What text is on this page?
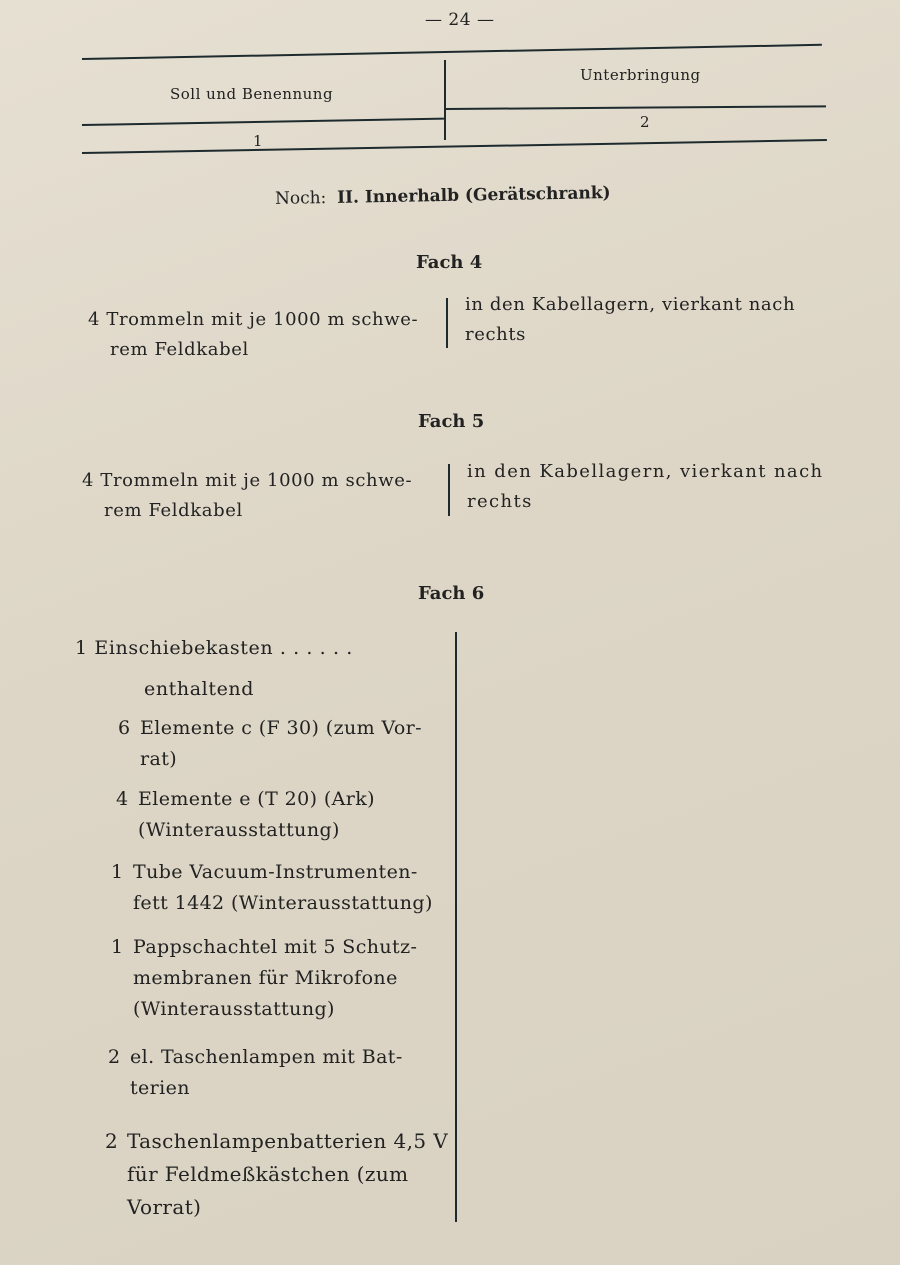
— 24 —
Soll und Benennung
Unterbringung
1
2
Noch: II. Innerhalb (Gerätschrank)
Fach 4
4 Trommeln mit je 1000 m schwe-
rem Feldkabel
in den Kabellagern, vierkant nach
rechts
Fach 5
4 Trommeln mit je 1000 m schwe-
rem Feldkabel
in den Kabellagern, vierkant nach
rechts
Fach 6
1 Einschiebekasten . . . . . .
enthaltend
6 Elemente c (F 30) (zum Vor-
rat)
4 Elemente e (T 20) (Ark)
(Winterausstattung)
1 Tube Vacuum-Instrumenten-
fett 1442 (Winterausstattung)
1 Pappschachtel mit 5 Schutz-
membranen für Mikrofone
(Winterausstattung)
2 el. Taschenlampen mit Bat-
terien
2 Taschenlampenbatterien 4,5 V
für Feldmeßkästchen (zum
Vorrat)
